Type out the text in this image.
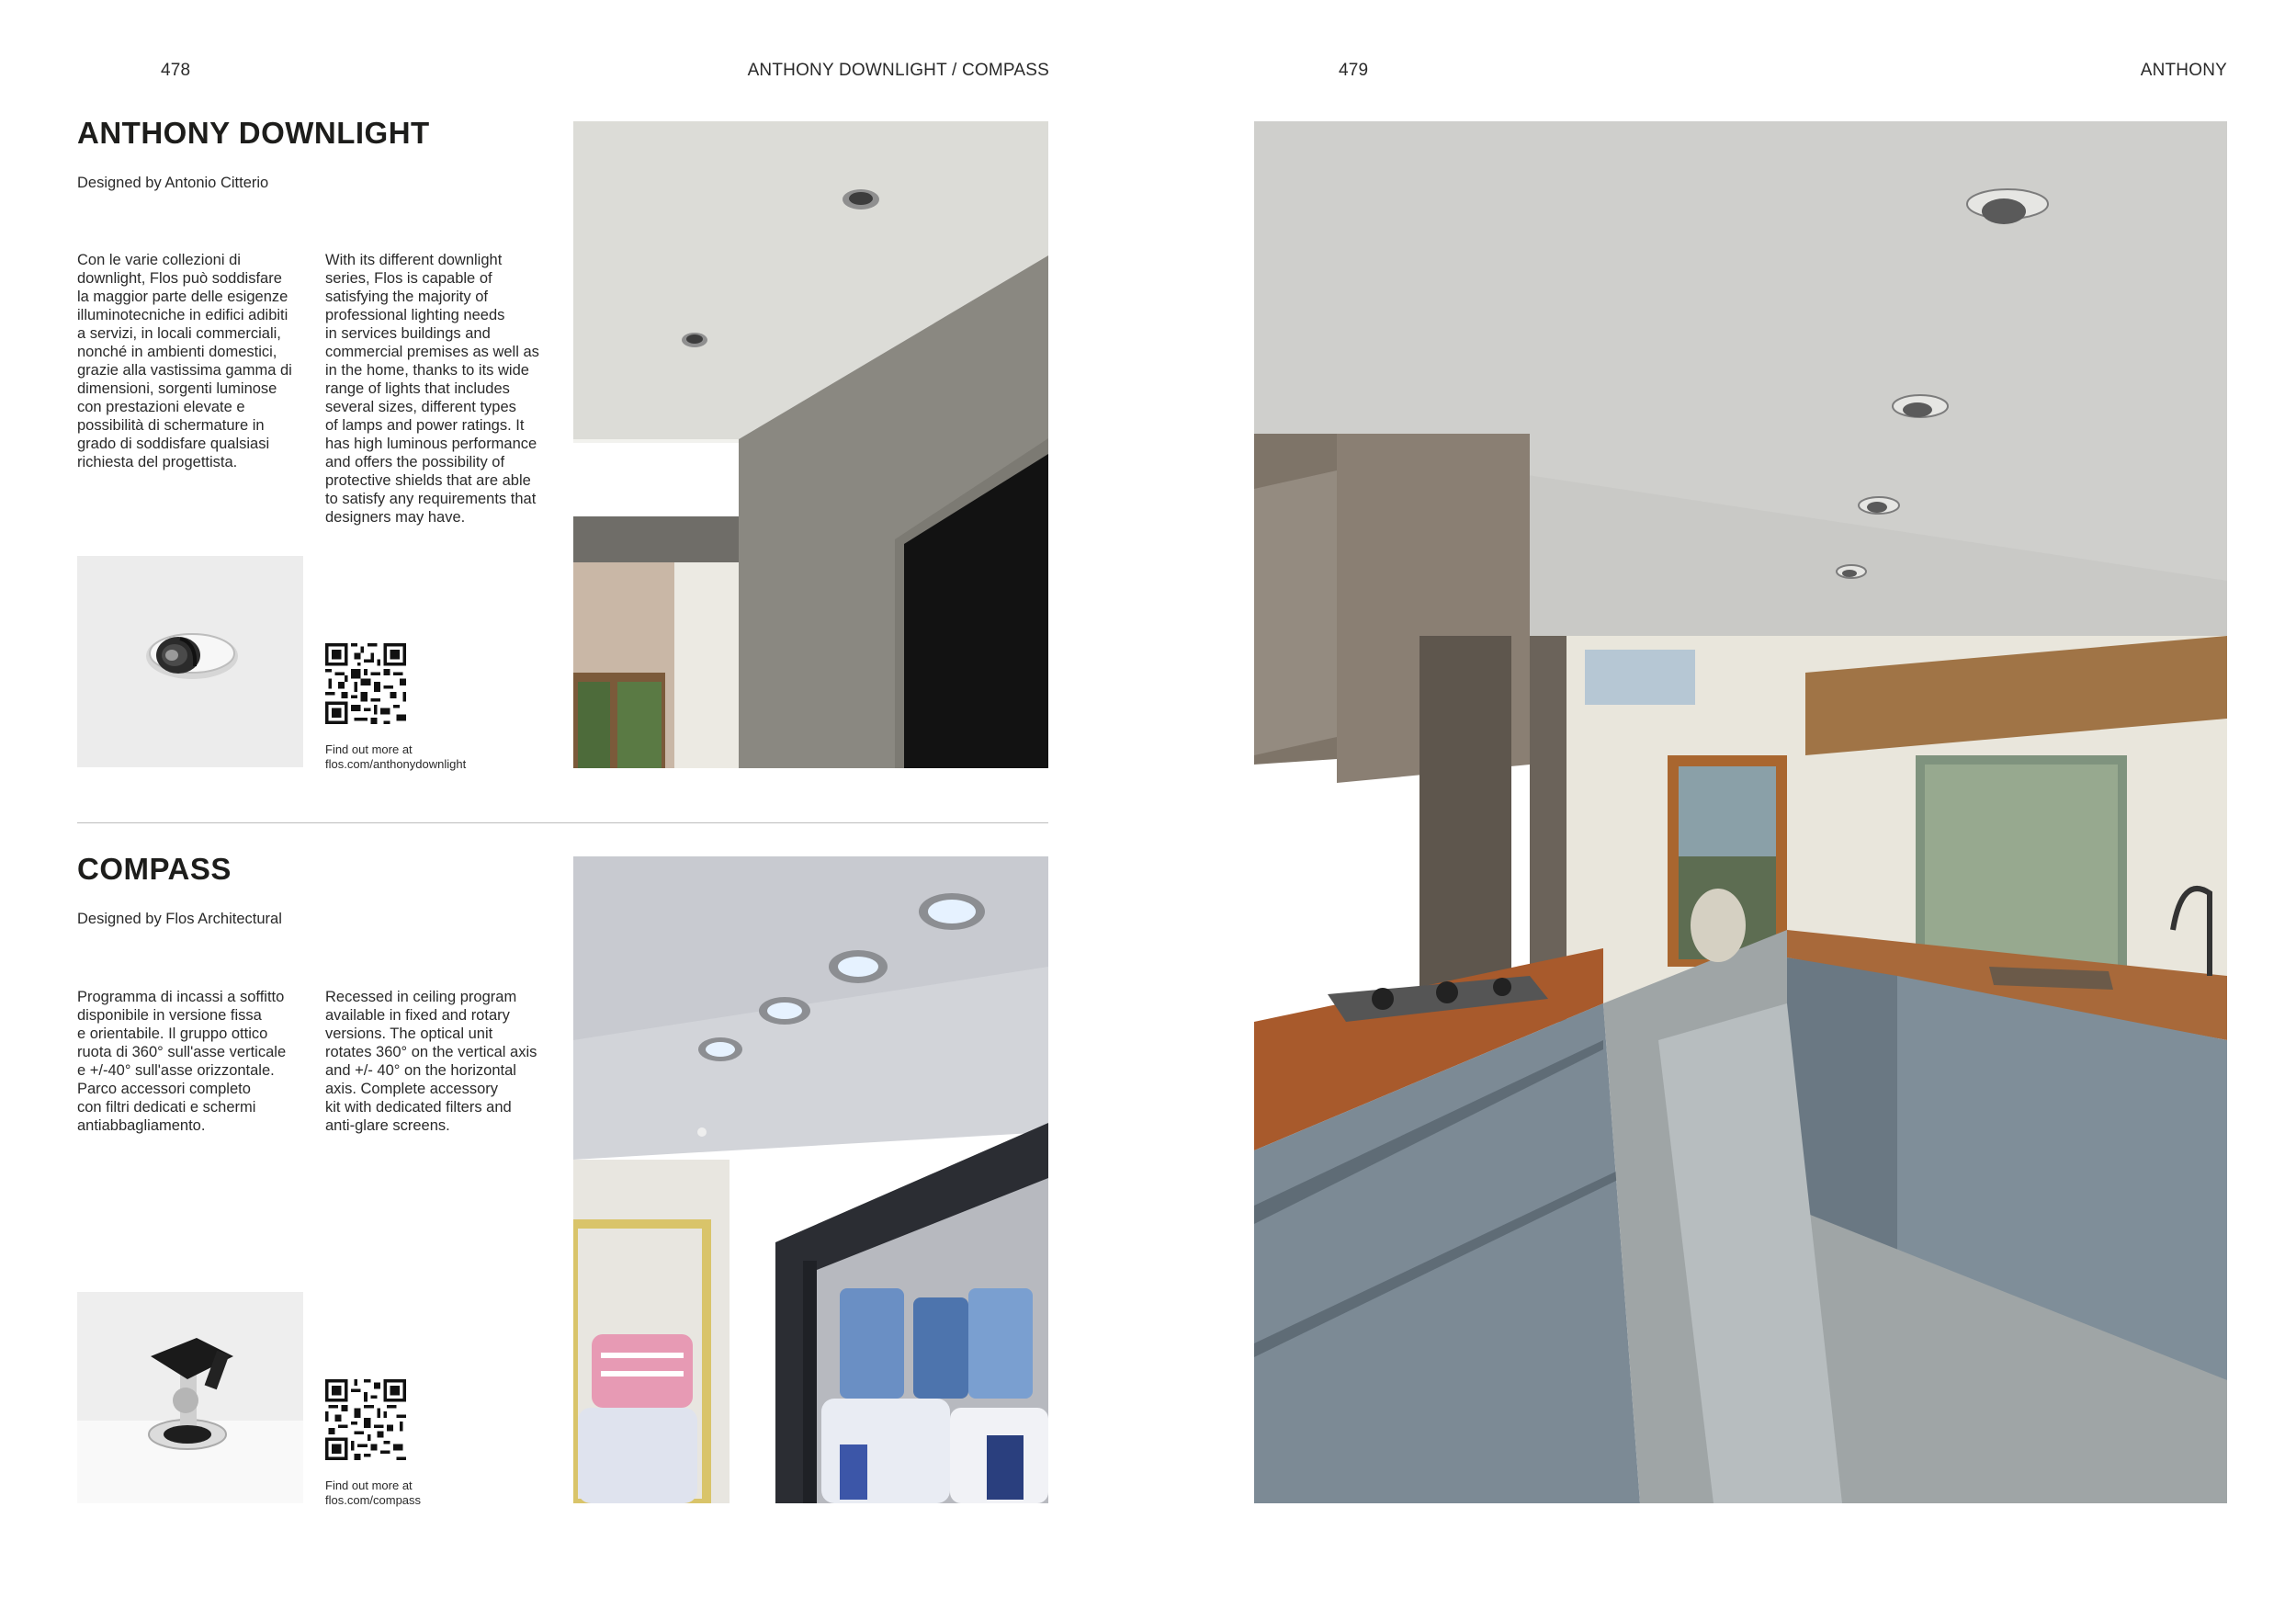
478	ANTHONY DOWNLIGHT / COMPASS
ANTHONY DOWNLIGHT
Designed by Antonio Citterio
Con le varie collezioni di
downlight, Flos può soddisfare
la maggior parte delle esigenze
illuminotecniche in edifici adibiti
a servizi, in locali commerciali,
nonché in ambienti domestici,
grazie alla vastissima gamma di
dimensioni, sorgenti luminose
con prestazioni elevate e
possibilità di schermature in
grado di soddisfare qualsiasi
richiesta del progettista.
With its different downlight
series, Flos is capable of
satisfying the majority of
professional lighting needs
in services buildings and
commercial premises as well as
in the home, thanks to its wide
range of lights that includes
several sizes, different types
of lamps and power ratings. It
has high luminous performance
and offers the possibility of
protective shields that are able
to satisfy any requirements that
designers may have.
Find out more at
flos.com/anthonydownlight
COMPASS
Designed by Flos Architectural
Programma di incassi a soffitto
disponibile in versione fissa
e orientabile. Il gruppo ottico
ruota di 360° sull'asse verticale
e +/-40° sull'asse orizzontale.
Parco accessori completo
con filtri dedicati e schermi
antiabbagliamento.
Recessed in ceiling program
available in fixed and rotary
versions. The optical unit
rotates 360° on the vertical axis
and +/- 40° on the horizontal
axis. Complete accessory
kit with dedicated filters and
anti-glare screens.
Find out more at
flos.com/compass
479	ANTHONY
